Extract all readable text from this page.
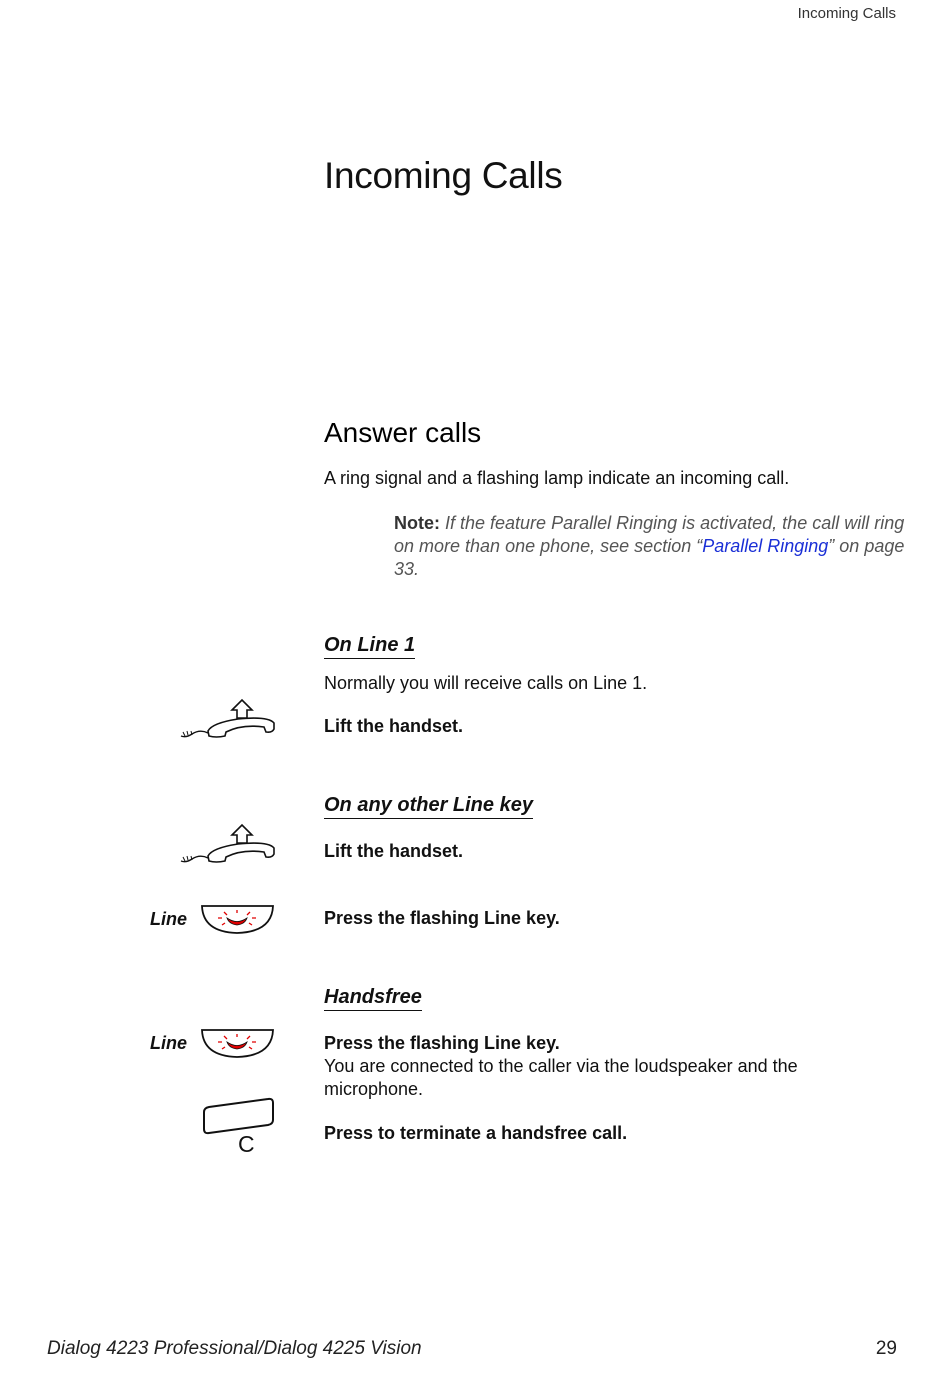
Incoming Calls
Incoming Calls
Answer calls
A ring signal and a flashing lamp indicate an incoming call.
Note: If the feature Parallel Ringing is activated, the call will ring on more than one phone, see section “Parallel Ringing” on page 33.
On Line 1
Normally you will receive calls on Line 1.
Lift the handset.
On any other Line key
Lift the handset.
Line	Press the flashing Line key.
Handsfree
Line	Press the flashing Line key.
You are connected to the caller via the loudspeaker and the microphone.
C	Press to terminate a handsfree call.
Dialog 4223 Professional/Dialog 4225 Vision	29
